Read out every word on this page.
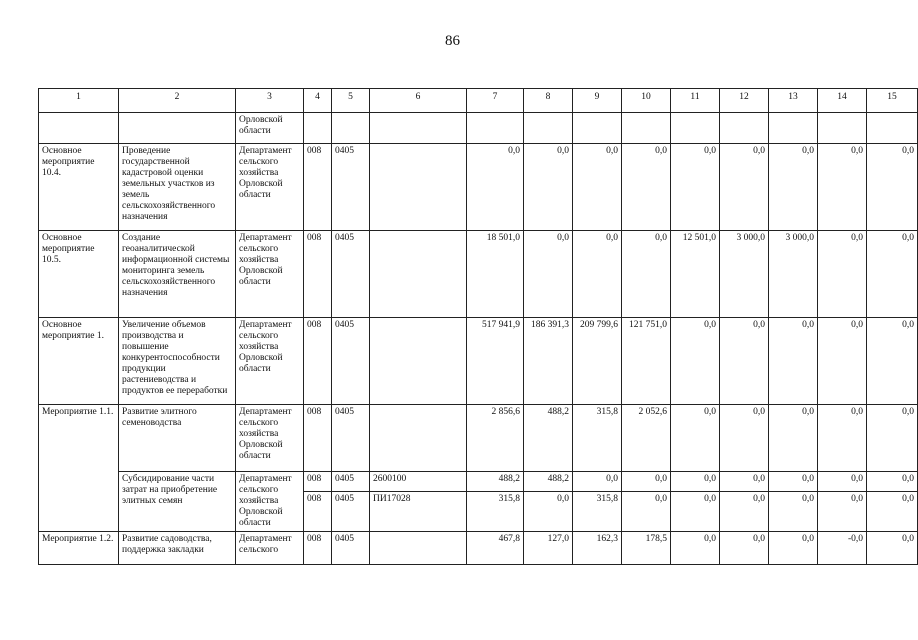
86
1	2	3	4	5	6	7	8	9	10	11	12	13	14	15
		Орловской области												
Основное мероприятие 10.4.	Проведение государственной кадастровой оценки земельных участков из земель сельскохозяйственного назначения	Департамент сельского хозяйства Орловской области	008	0405		0,0	0,0	0,0	0,0	0,0	0,0	0,0	0,0	0,0
Основное мероприятие 10.5.	Создание геоаналитической информационной системы мониторинга земель сельскохозяйственного назначения	Департамент сельского хозяйства Орловской области	008	0405		18 501,0	0,0	0,0	0,0	12 501,0	3 000,0	3 000,0	0,0	0,0
Основное мероприятие 1.	Увеличение объемов производства и повышение конкурентоспособности продукции растениеводства и продуктов ее переработки	Департамент сельского хозяйства Орловской области	008	0405		517 941,9	186 391,3	209 799,6	121 751,0	0,0	0,0	0,0	0,0	0,0
Мероприятие 1.1.	Развитие элитного семеноводства	Департамент сельского хозяйства Орловской области	008	0405		2 856,6	488,2	315,8	2 052,6	0,0	0,0	0,0	0,0	0,0
	Субсидирование части затрат на приобретение элитных семян	Департамент сельского хозяйства Орловской области	008	0405	2600100	488,2	488,2	0,0	0,0	0,0	0,0	0,0	0,0	0,0
			008	0405	ПИ17028	315,8	0,0	315,8	0,0	0,0	0,0	0,0	0,0	0,0
Мероприятие 1.2.	Развитие садоводства, поддержка закладки	Департамент сельского	008	0405		467,8	127,0	162,3	178,5	0,0	0,0	0,0	-0,0	0,0
